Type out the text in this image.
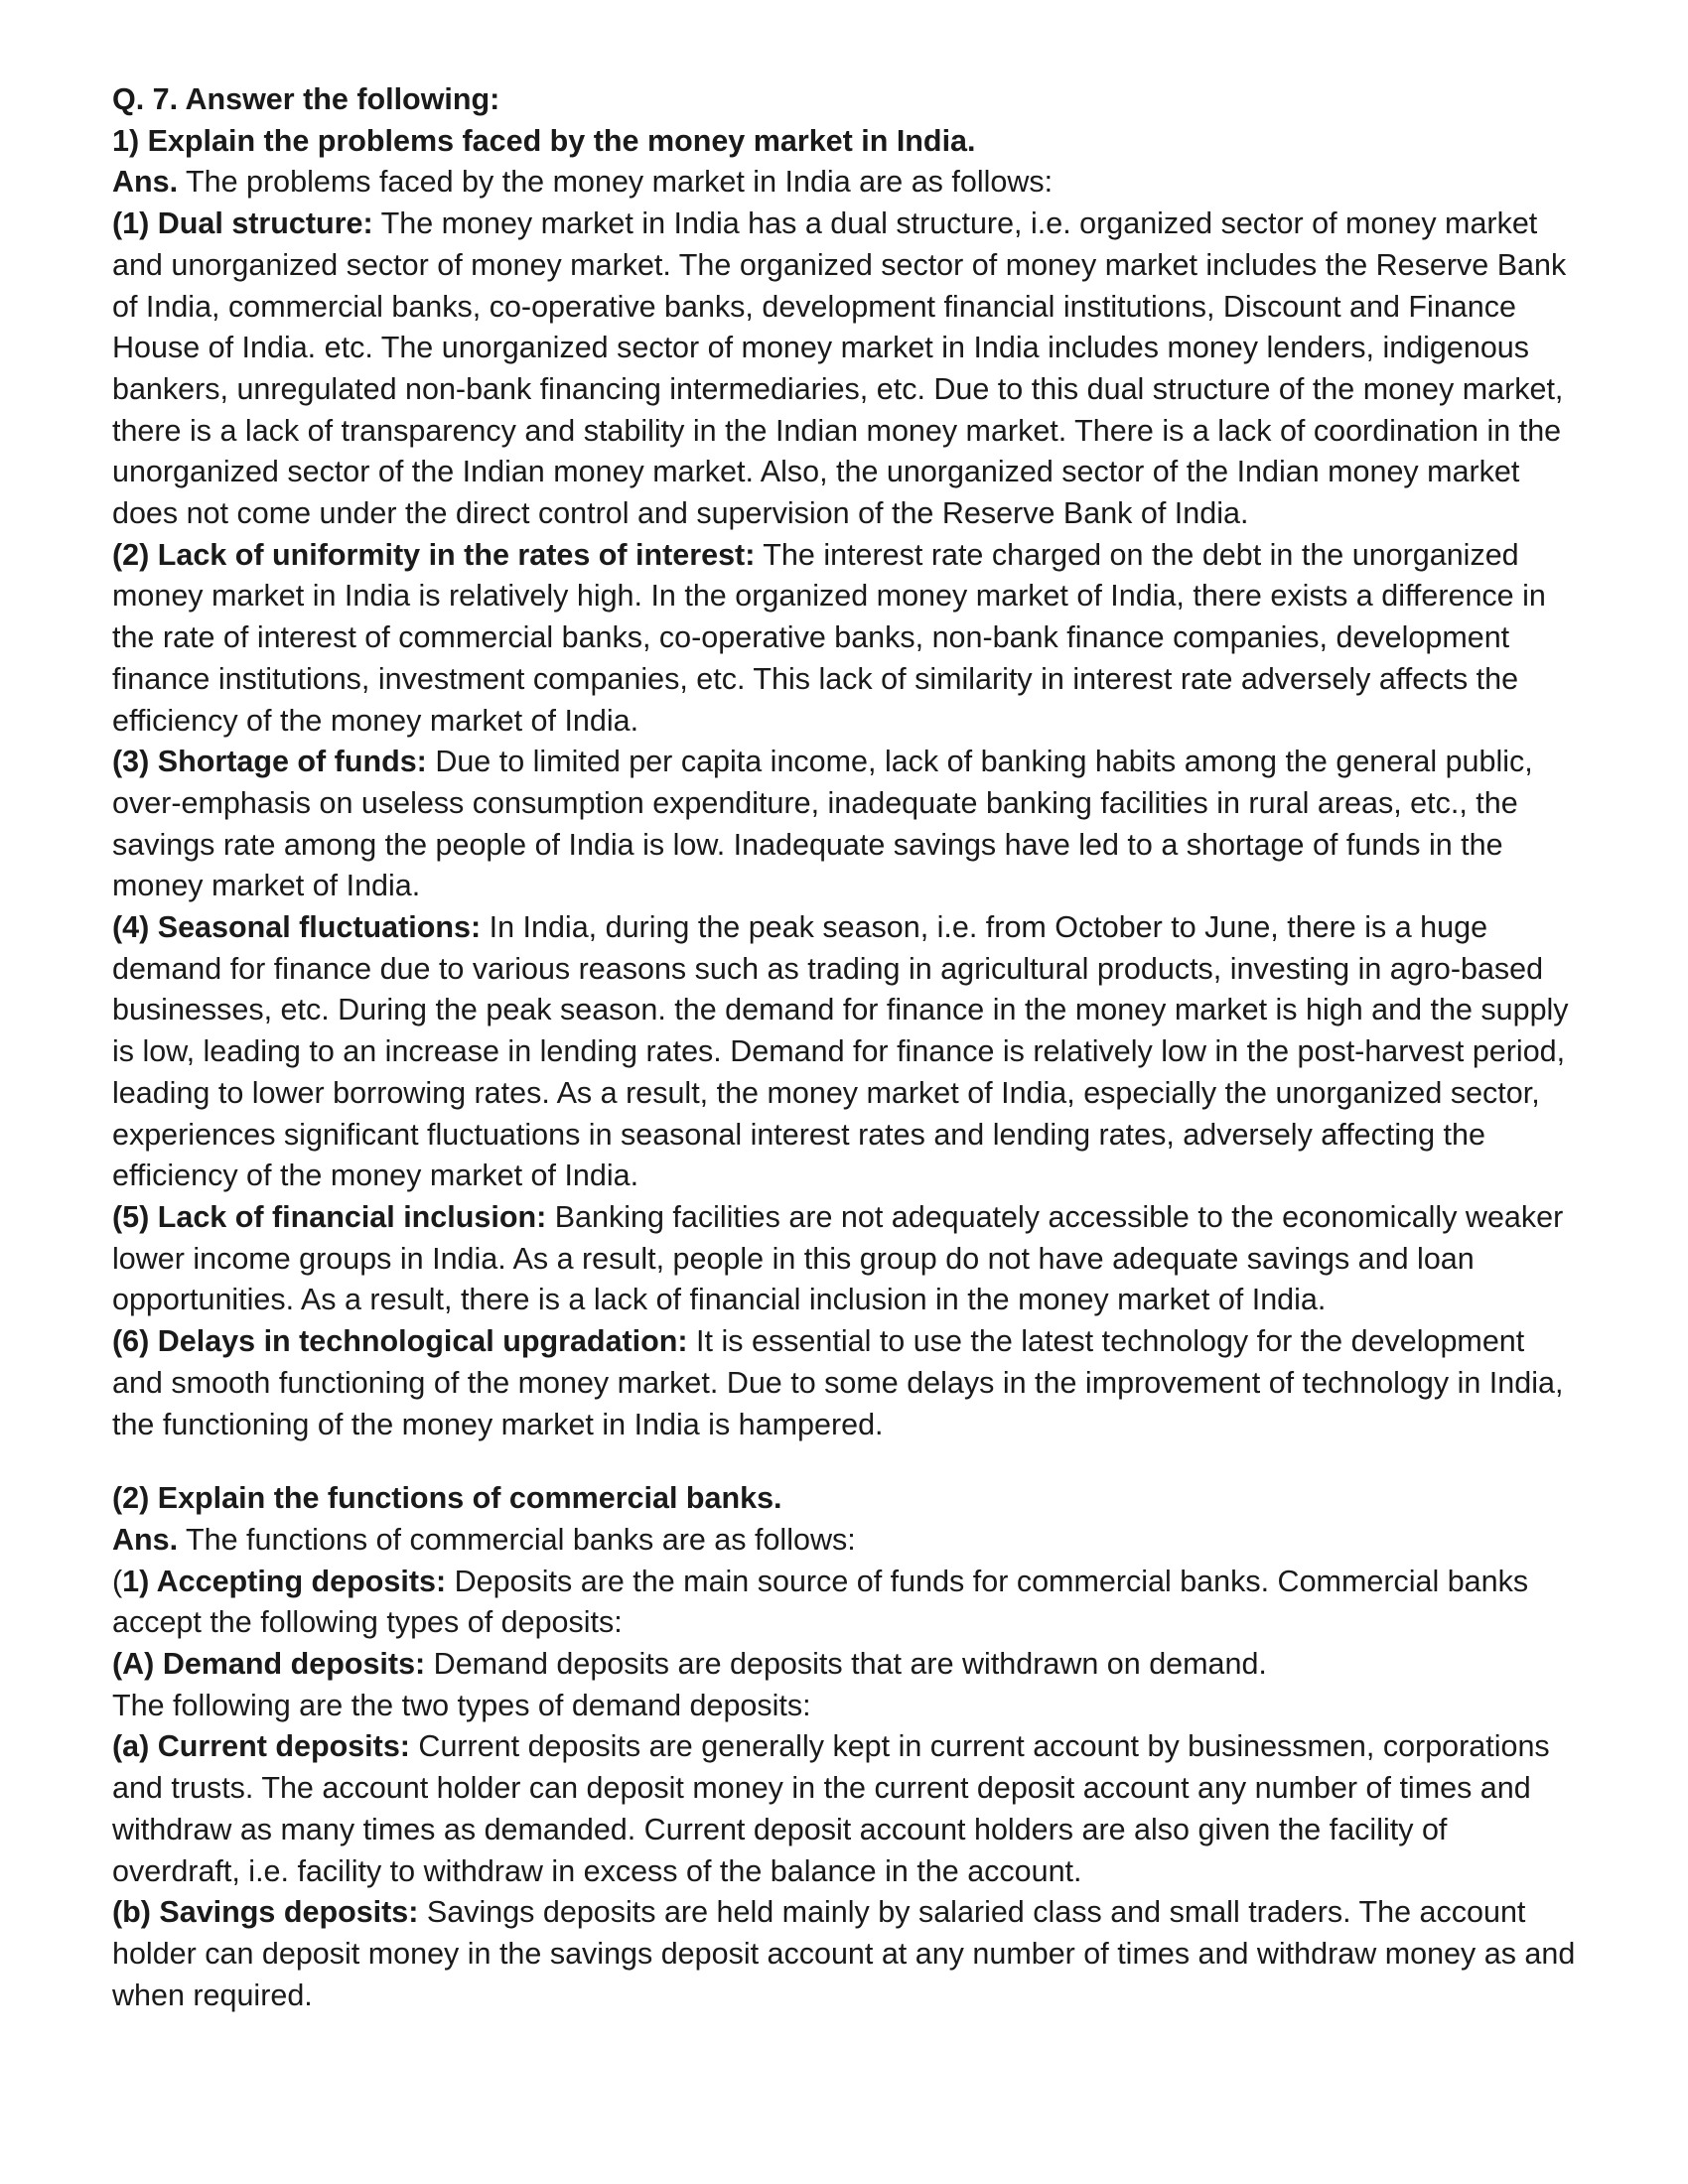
Q. 7. Answer the following:

1) Explain the problems faced by the money market in India.

Ans. The problems faced by the money market in India are as follows:

(1) Dual structure: The money market in India has a dual structure, i.e. organized sector of money market and unorganized sector of money market. The organized sector of money market includes the Reserve Bank of India, commercial banks, co-operative banks, development financial institutions, Discount and Finance House of India. etc. The unorganized sector of money market in India includes money lenders, indigenous bankers, unregulated non-bank financing intermediaries, etc. Due to this dual structure of the money market, there is a lack of transparency and stability in the Indian money market. There is a lack of coordination in the unorganized sector of the Indian money market. Also, the unorganized sector of the Indian money market does not come under the direct control and supervision of the Reserve Bank of India.

(2) Lack of uniformity in the rates of interest: The interest rate charged on the debt in the unorganized money market in India is relatively high. In the organized money market of India, there exists a difference in the rate of interest of commercial banks, co-operative banks, non-bank finance companies, development finance institutions, investment companies, etc. This lack of similarity in interest rate adversely affects the efficiency of the money market of India.

(3) Shortage of funds: Due to limited per capita income, lack of banking habits among the general public, over-emphasis on useless consumption expenditure, inadequate banking facilities in rural areas, etc., the savings rate among the people of India is low. Inadequate savings have led to a shortage of funds in the money market of India.

(4) Seasonal fluctuations: In India, during the peak season, i.e. from October to June, there is a huge demand for finance due to various reasons such as trading in agricultural products, investing in agro-based businesses, etc. During the peak season. the demand for finance in the money market is high and the supply is low, leading to an increase in lending rates. Demand for finance is relatively low in the post-harvest period, leading to lower borrowing rates. As a result, the money market of India, especially the unorganized sector, experiences significant fluctuations in seasonal interest rates and lending rates, adversely affecting the efficiency of the money market of India.

(5) Lack of financial inclusion: Banking facilities are not adequately accessible to the economically weaker lower income groups in India. As a result, people in this group do not have adequate savings and loan opportunities. As a result, there is a lack of financial inclusion in the money market of India.

(6) Delays in technological upgradation: It is essential to use the latest technology for the development and smooth functioning of the money market. Due to some delays in the improvement of technology in India, the functioning of the money market in India is hampered.

(2) Explain the functions of commercial banks.

Ans. The functions of commercial banks are as follows:

(1) Accepting deposits: Deposits are the main source of funds for commercial banks. Commercial banks accept the following types of deposits:

(A) Demand deposits: Demand deposits are deposits that are withdrawn on demand.

The following are the two types of demand deposits:

(a) Current deposits: Current deposits are generally kept in current account by businessmen, corporations and trusts. The account holder can deposit money in the current deposit account any number of times and withdraw as many times as demanded. Current deposit account holders are also given the facility of overdraft, i.e. facility to withdraw in excess of the balance in the account.

(b) Savings deposits: Savings deposits are held mainly by salaried class and small traders. The account holder can deposit money in the savings deposit account at any number of times and withdraw money as and when required.
